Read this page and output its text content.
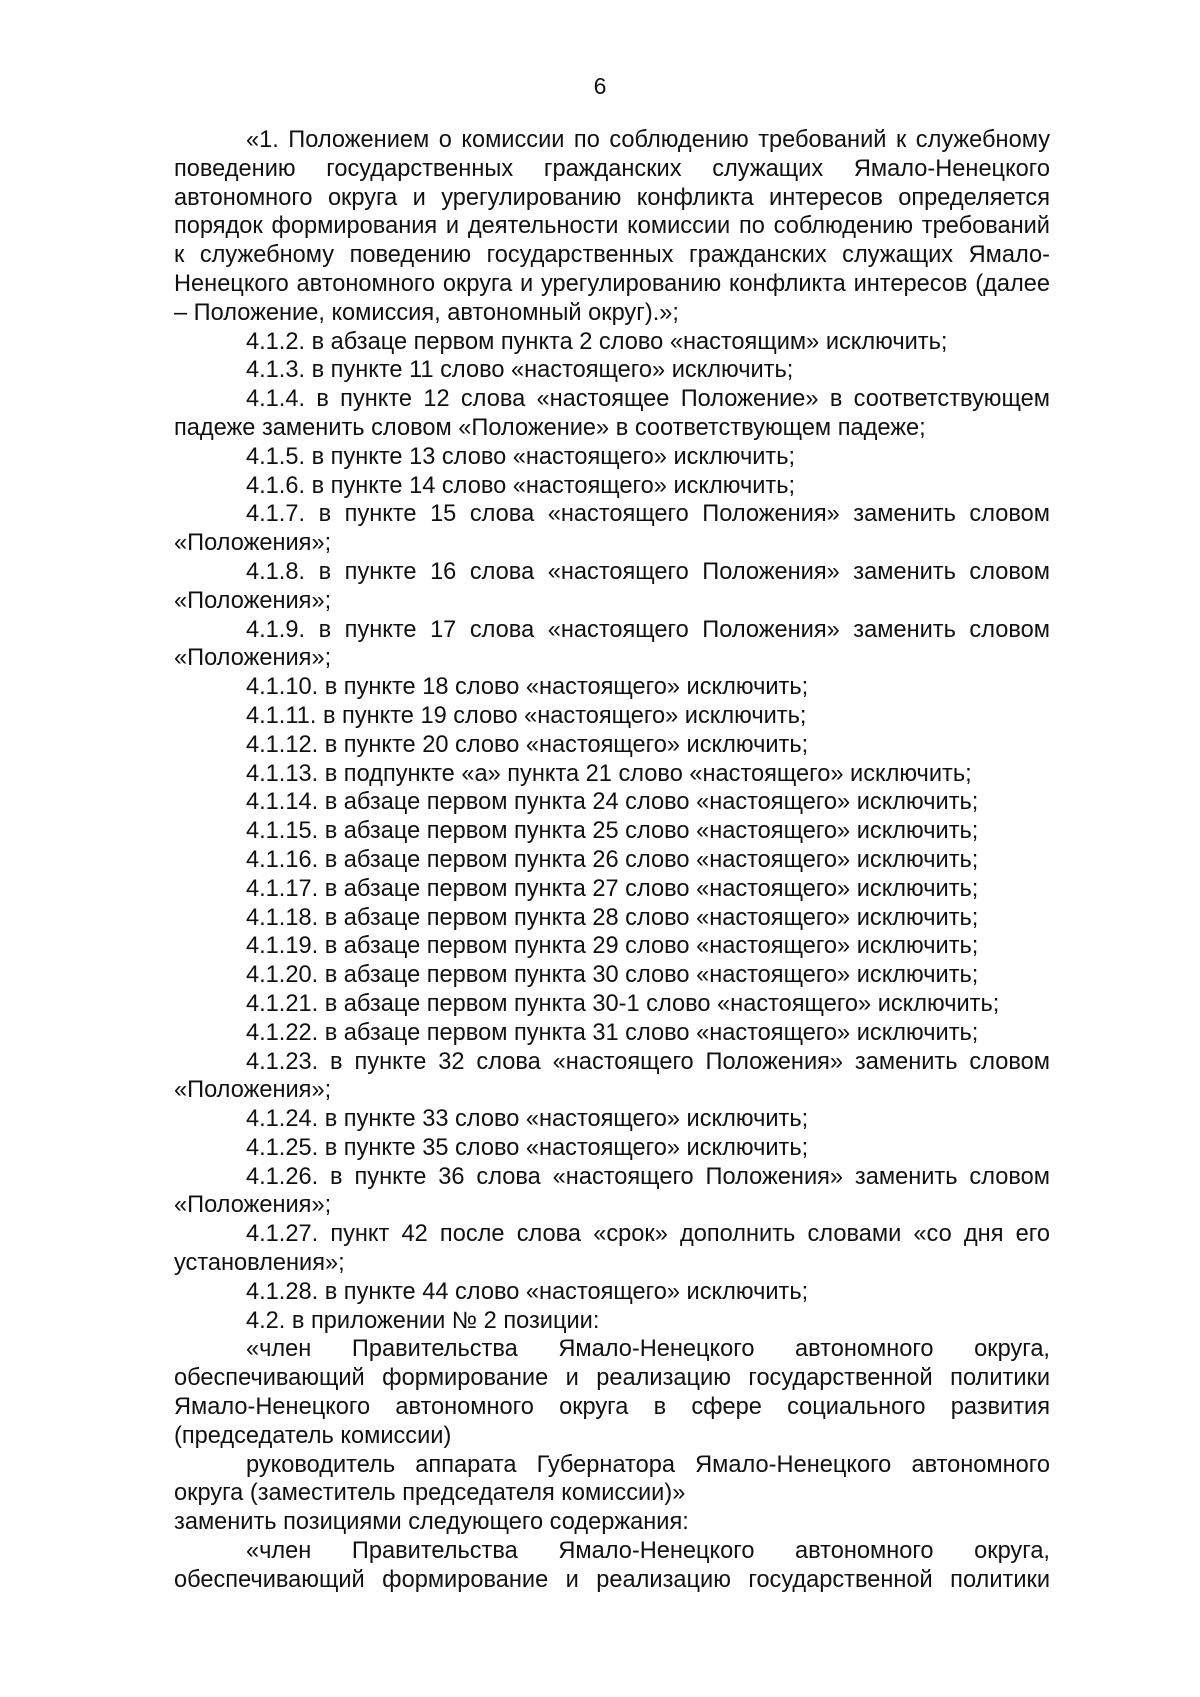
6

«1. Положением о комиссии по соблюдению требований к служебному поведению государственных гражданских служащих Ямало-Ненецкого автономного округа и урегулированию конфликта интересов определяется порядок формирования и деятельности комиссии по соблюдению требований к служебному поведению государственных гражданских служащих Ямало-Ненецкого автономного округа и урегулированию конфликта интересов (далее – Положение, комиссия, автономный округ).»;

4.1.2. в абзаце первом пункта 2 слово «настоящим» исключить;

4.1.3. в пункте 11 слово «настоящего» исключить;

4.1.4. в пункте 12 слова «настоящее Положение» в соответствующем падеже заменить словом «Положение» в соответствующем падеже;

4.1.5. в пункте 13 слово «настоящего» исключить;

4.1.6. в пункте 14 слово «настоящего» исключить;

4.1.7. в пункте 15 слова «настоящего Положения» заменить словом «Положения»;

4.1.8. в пункте 16 слова «настоящего Положения» заменить словом «Положения»;

4.1.9. в пункте 17 слова «настоящего Положения» заменить словом «Положения»;

4.1.10. в пункте 18 слово «настоящего» исключить;

4.1.11. в пункте 19 слово «настоящего» исключить;

4.1.12. в пункте 20 слово «настоящего» исключить;

4.1.13. в подпункте «а» пункта 21 слово «настоящего» исключить;

4.1.14. в абзаце первом пункта 24 слово «настоящего» исключить;

4.1.15. в абзаце первом пункта 25 слово «настоящего» исключить;

4.1.16. в абзаце первом пункта 26 слово «настоящего» исключить;

4.1.17. в абзаце первом пункта 27 слово «настоящего» исключить;

4.1.18. в абзаце первом пункта 28 слово «настоящего» исключить;

4.1.19. в абзаце первом пункта 29 слово «настоящего» исключить;

4.1.20. в абзаце первом пункта 30 слово «настоящего» исключить;

4.1.21. в абзаце первом пункта 30-1 слово «настоящего» исключить;

4.1.22. в абзаце первом пункта 31 слово «настоящего» исключить;

4.1.23. в пункте 32 слова «настоящего Положения» заменить словом «Положения»;

4.1.24. в пункте 33 слово «настоящего» исключить;

4.1.25. в пункте 35 слово «настоящего» исключить;

4.1.26. в пункте 36 слова «настоящего Положения» заменить словом «Положения»;

4.1.27. пункт 42 после слова «срок» дополнить словами «со дня его установления»;

4.1.28. в пункте 44 слово «настоящего» исключить;

4.2. в приложении № 2 позиции:

«член Правительства Ямало-Ненецкого автономного округа, обеспечивающий формирование и реализацию государственной политики Ямало-Ненецкого автономного округа в сфере социального развития (председатель комиссии)

руководитель аппарата Губернатора Ямало-Ненецкого автономного округа (заместитель председателя комиссии)»

заменить позициями следующего содержания:

«член Правительства Ямало-Ненецкого автономного округа, обеспечивающий формирование и реализацию государственной политики
